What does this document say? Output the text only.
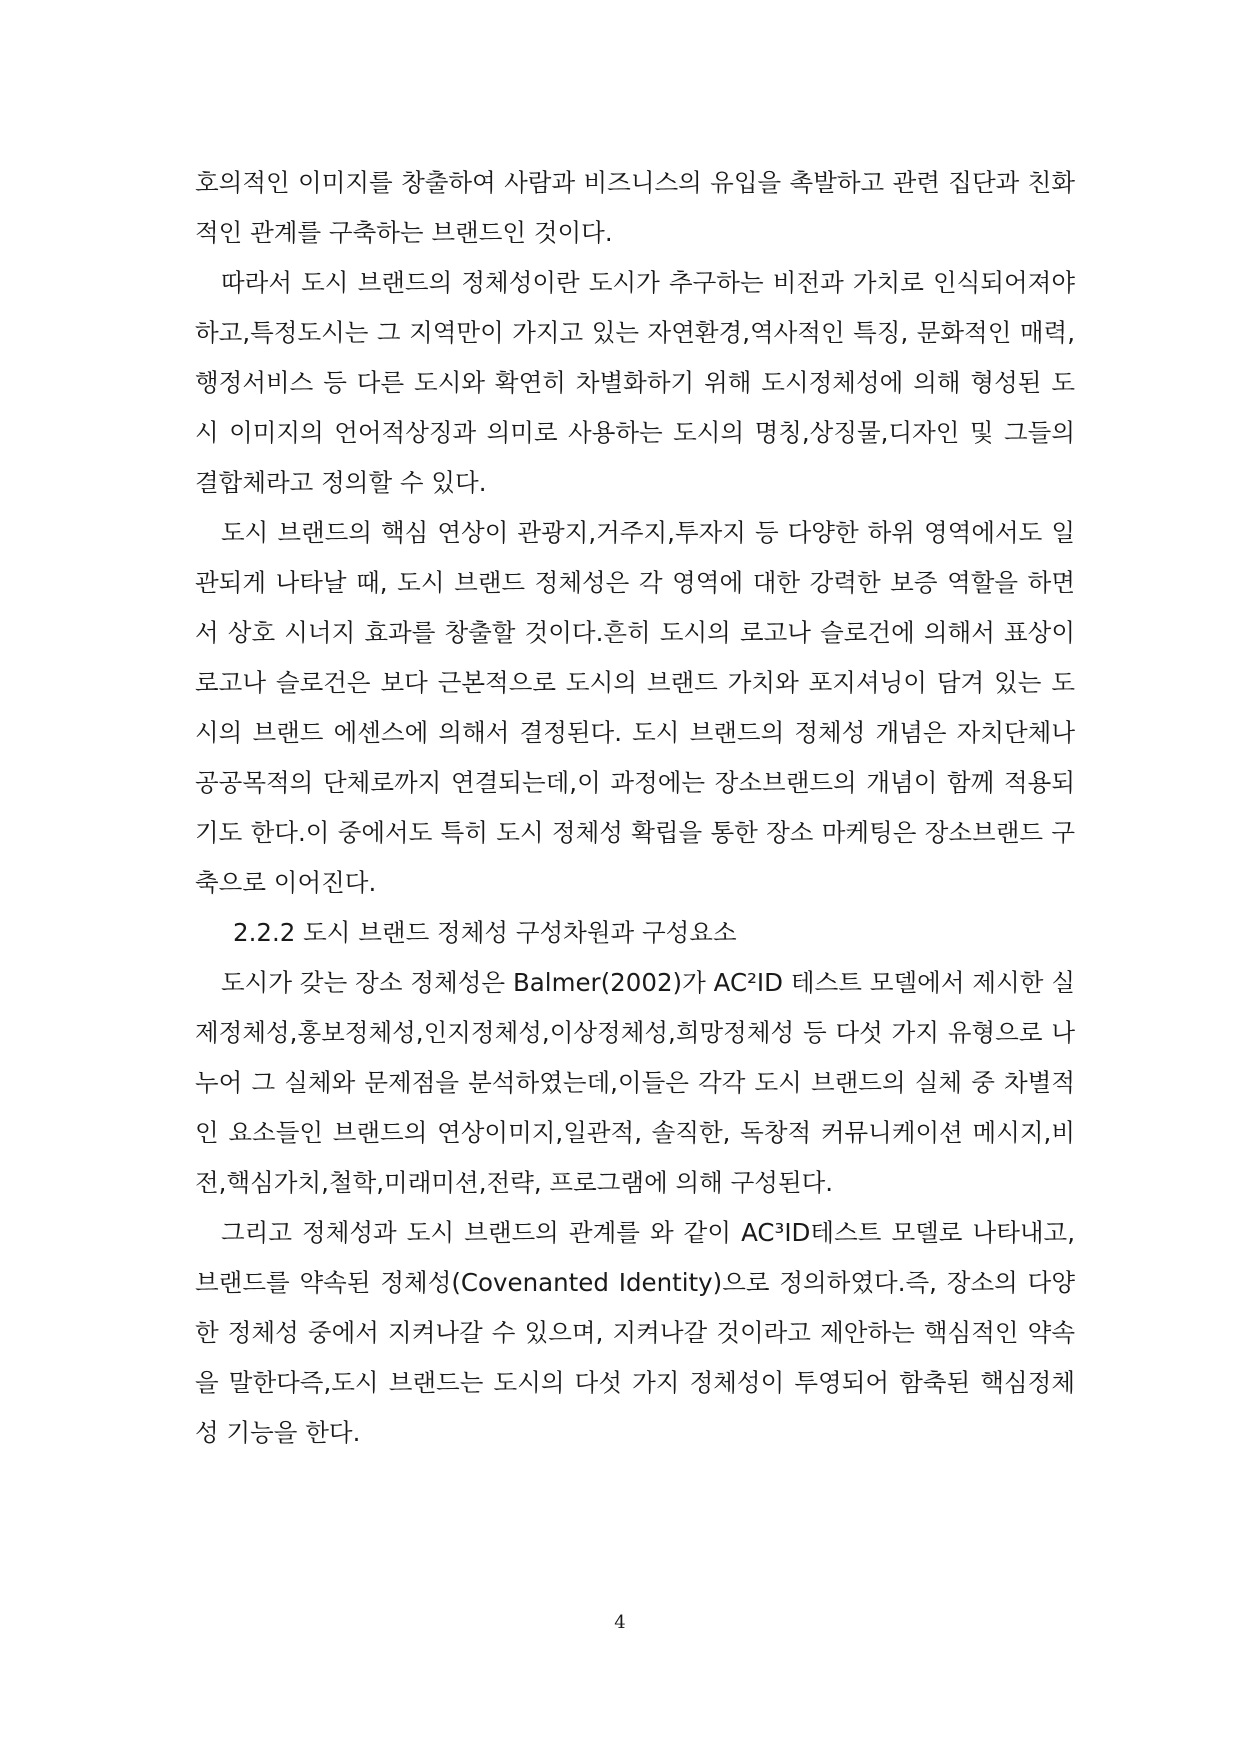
호의적인 이미지를 창출하여 사람과 비즈니스의 유입을 촉발하고 관련 집단과 친화적인 관계를 구축하는 브랜드인 것이다.

따라서 도시 브랜드의 정체성이란 도시가 추구하는 비전과 가치로 인식되어져야 하고,특정도시는 그 지역만이 가지고 있는 자연환경,역사적인 특징, 문화적인 매력,행정서비스 등 다른 도시와 확연히 차별화하기 위해 도시정체성에 의해 형성된 도시 이미지의 언어적상징과 의미로 사용하는 도시의 명칭,상징물,디자인 및 그들의 결합체라고 정의할 수 있다.

도시 브랜드의 핵심 연상이 관광지,거주지,투자지 등 다양한 하위 영역에서도 일관되게 나타날 때, 도시 브랜드 정체성은 각 영역에 대한 강력한 보증 역할을 하면서 상호 시너지 효과를 창출할 것이다.흔히 도시의 로고나 슬로건에 의해서 표상이 로고나 슬로건은 보다 근본적으로 도시의 브랜드 가치와 포지셔닝이 담겨 있는 도시의 브랜드 에센스에 의해서 결정된다. 도시 브랜드의 정체성 개념은 자치단체나 공공목적의 단체로까지 연결되는데,이 과정에는 장소브랜드의 개념이 함께 적용되기도 한다.이 중에서도 특히 도시 정체성 확립을 통한 장소 마케팅은 장소브랜드 구축으로 이어진다.

2.2.2 도시 브랜드 정체성 구성차원과 구성요소

도시가 갖는 장소 정체성은 Balmer(2002)가 AC²ID 테스트 모델에서 제시한 실제정체성,홍보정체성,인지정체성,이상정체성,희망정체성 등 다섯 가지 유형으로 나누어 그 실체와 문제점을 분석하였는데,이들은 각각 도시 브랜드의 실체 중 차별적인 요소들인 브랜드의 연상이미지,일관적, 솔직한, 독창적 커뮤니케이션 메시지,비전,핵심가치,철학,미래미션,전략, 프로그램에 의해 구성된다.

그리고 정체성과 도시 브랜드의 관계를 와 같이 AC³ID테스트 모델로 나타내고, 브랜드를 약속된 정체성(Covenanted Identity)으로 정의하였다.즉, 장소의 다양한 정체성 중에서 지켜나갈 수 있으며, 지켜나갈 것이라고 제안하는 핵심적인 약속을 말한다즉,도시 브랜드는 도시의 다섯 가지 정체성이 투영되어 함축된 핵심정체성 기능을 한다.

4
